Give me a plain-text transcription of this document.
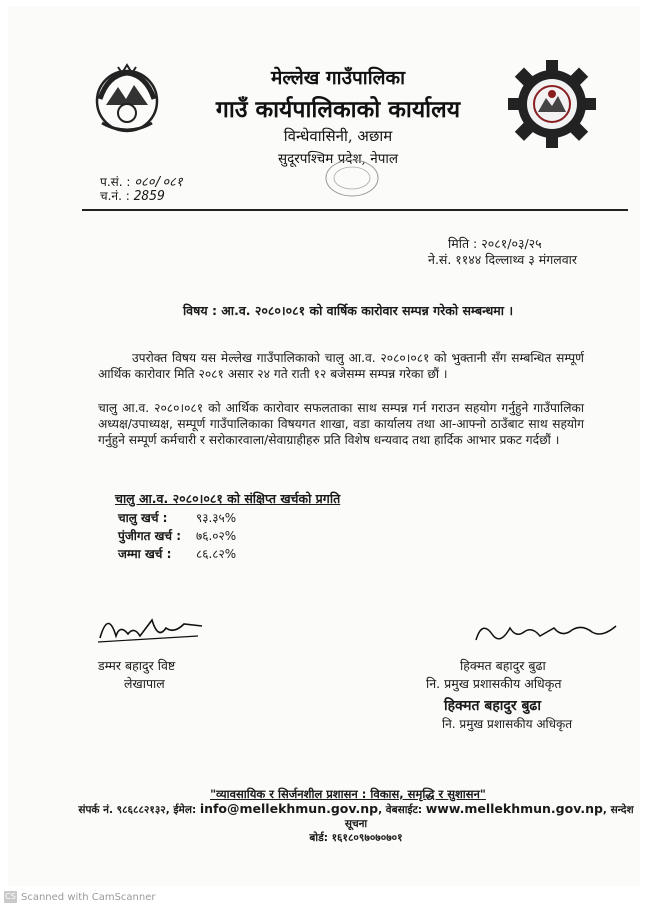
मेल्लेख गाउँपालिका
गाउँ कार्यपालिकाको कार्यालय
विन्धेवासिनी, अछाम
सुदूरपश्चिम प्रदेश, नेपाल
प.सं. : ०८०/०८१
च.नं. : 2859
मिति : २०८१/०३/२५
ने.सं. ११४४ दिल्लाथ्व ३ मंगलवार
विषय : आ.व. २०८०।०८१ को वार्षिक कारोवार सम्पन्न गरेको सम्बन्धमा ।
उपरोक्त विषय यस मेल्लेख गाउँपालिकाको चालु आ.व. २०८०।०८१ को भुक्तानी सँग सम्बन्धित सम्पूर्ण आर्थिक कारोवार मिति २०८१ असार २४ गते राती १२ बजेसम्म सम्पन्न गरेका छौं ।
चालु आ.व. २०८०।०८१ को आर्थिक कारोवार सफलताका साथ सम्पन्न गर्न गराउन सहयोग गर्नुहुने गाउँपालिका अध्यक्ष/उपाध्यक्ष, सम्पूर्ण गाउँपालिकाका विषयगत शाखा, वडा कार्यालय तथा आ-आफ्नो ठाउँबाट साथ सहयोग गर्नुहुने सम्पूर्ण कर्मचारी र सरोकारवाला/सेवाग्राहीहरु प्रति विशेष धन्यवाद तथा हार्दिक आभार प्रकट गर्दछौं ।
चालु आ.व. २०८०।०८१ को संक्षिप्त खर्चको प्रगति
चालु खर्च : ९३.३५%
पुंजीगत खर्च : ७६.०२%
जम्मा खर्च : ८६.८२%
डम्मर बहादुर विष्ट
लेखापाल
हिक्मत बहादुर बुढा
नि. प्रमुख प्रशासकीय अधिकृत
हिक्मत बहादुर बुढा
नि. प्रमुख प्रशासकीय अधिकृत
"व्यावसायिक र सिर्जनशील प्रशासन : विकास, समृद्धि र सुशासन"
संपर्क नं. ९८६८८२१३२, ईमेल: info@mellekhmun.gov.np, वेबसाईट: www.mellekhmun.gov.np, सन्देश सूचना
बोर्ड: १६१८०९७०७०७०१
CS Scanned with CamScanner
